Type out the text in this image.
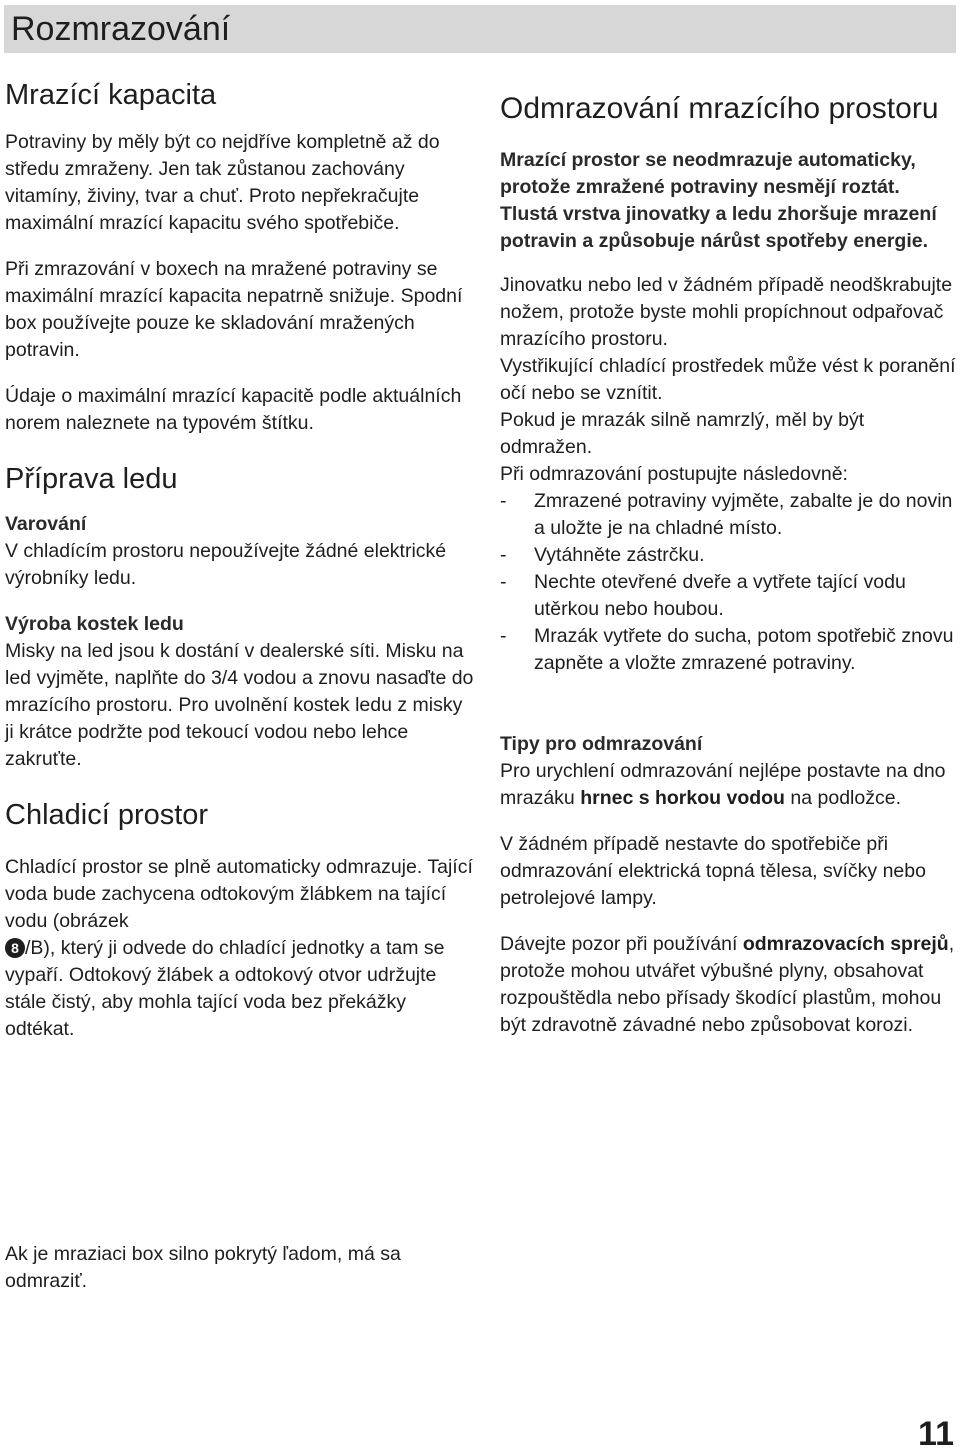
Rozmrazování
Mrazící kapacita

Potraviny by měly být co nejdříve kompletně až do středu zmraženy. Jen tak zůstanou zachovány vitamíny, živiny, tvar a chuť. Proto nepřekračujte maximální mrazící kapacitu svého spotřebiče.

Při zmrazování v boxech na mražené potraviny se maximální mrazící kapacita nepatrně snižuje. Spodní box používejte pouze ke skladování mražených potravin.

Údaje o maximální mrazící kapacitě podle aktuálních norem naleznete na typovém štítku.

Příprava ledu

Varování

V chladícím prostoru nepoužívejte žádné elektrické výrobníky ledu.

Výroba kostek ledu

Misky na led jsou k dostání v dealerské síti. Misku na led vyjměte, naplňte do 3/4 vodou a znovu nasaďte do mrazícího prostoru. Pro uvolnění kostek ledu z misky ji krátce podržte pod tekoucí vodou nebo lehce zakruťte.

Chladicí prostor

Chladící prostor se plně automaticky odmrazuje. Tající voda bude zachycena odtokovým žlábkem na tající vodu (obrázek
8 /B), který ji odvede do chladící jednotky a tam se vypaří. Odtokový žlábek a odtokový otvor udržujte stále čistý, aby mohla tající voda bez překážky odtékat.

Odmrazování mrazícího prostoru

Mrazící prostor se neodmrazuje automaticky, protože zmražené potraviny nesmějí roztát. Tlustá vrstva jinovatky a ledu zhoršuje mrazení potravin a způsobuje nárůst spotřeby energie.

Jinovatku nebo led v žádném případě neodškrabujte nožem, protože byste mohli propíchnout odpařovač mrazícího prostoru.

Vystřikující chladící prostředek může vést k poranění očí nebo se vznítit.

Pokud je mrazák silně namrzlý, měl by být odmražen.

Při odmrazování postupujte následovně:

- Zmrazené potraviny vyjměte, zabalte je do novin a uložte je na chladné místo.
- Vytáhněte zástrčku.
- Nechte otevřené dveře a vytřete tající vodu utěrkou nebo houbou.
- Mrazák vytřete do sucha, potom spotřebič znovu zapněte a vložte zmrazené potraviny.

Tipy pro odmrazování

Pro urychlení odmrazování nejlépe postavte na dno mrazáku hrnec s horkou vodou na podložce.

V žádném případě nestavte do spotřebiče při odmrazování elektrická topná tělesa, svíčky nebo petrolejové lampy.

Dávejte pozor při používání odmrazovacích sprejů, protože mohou utvářet výbušné plyny, obsahovat rozpouštědla nebo přísady škodící plastům, mohou být zdravotně závadné nebo způsobovat korozi.

Ak je mraziaci box silno pokrytý ľadom, má sa odmraziť.

11
